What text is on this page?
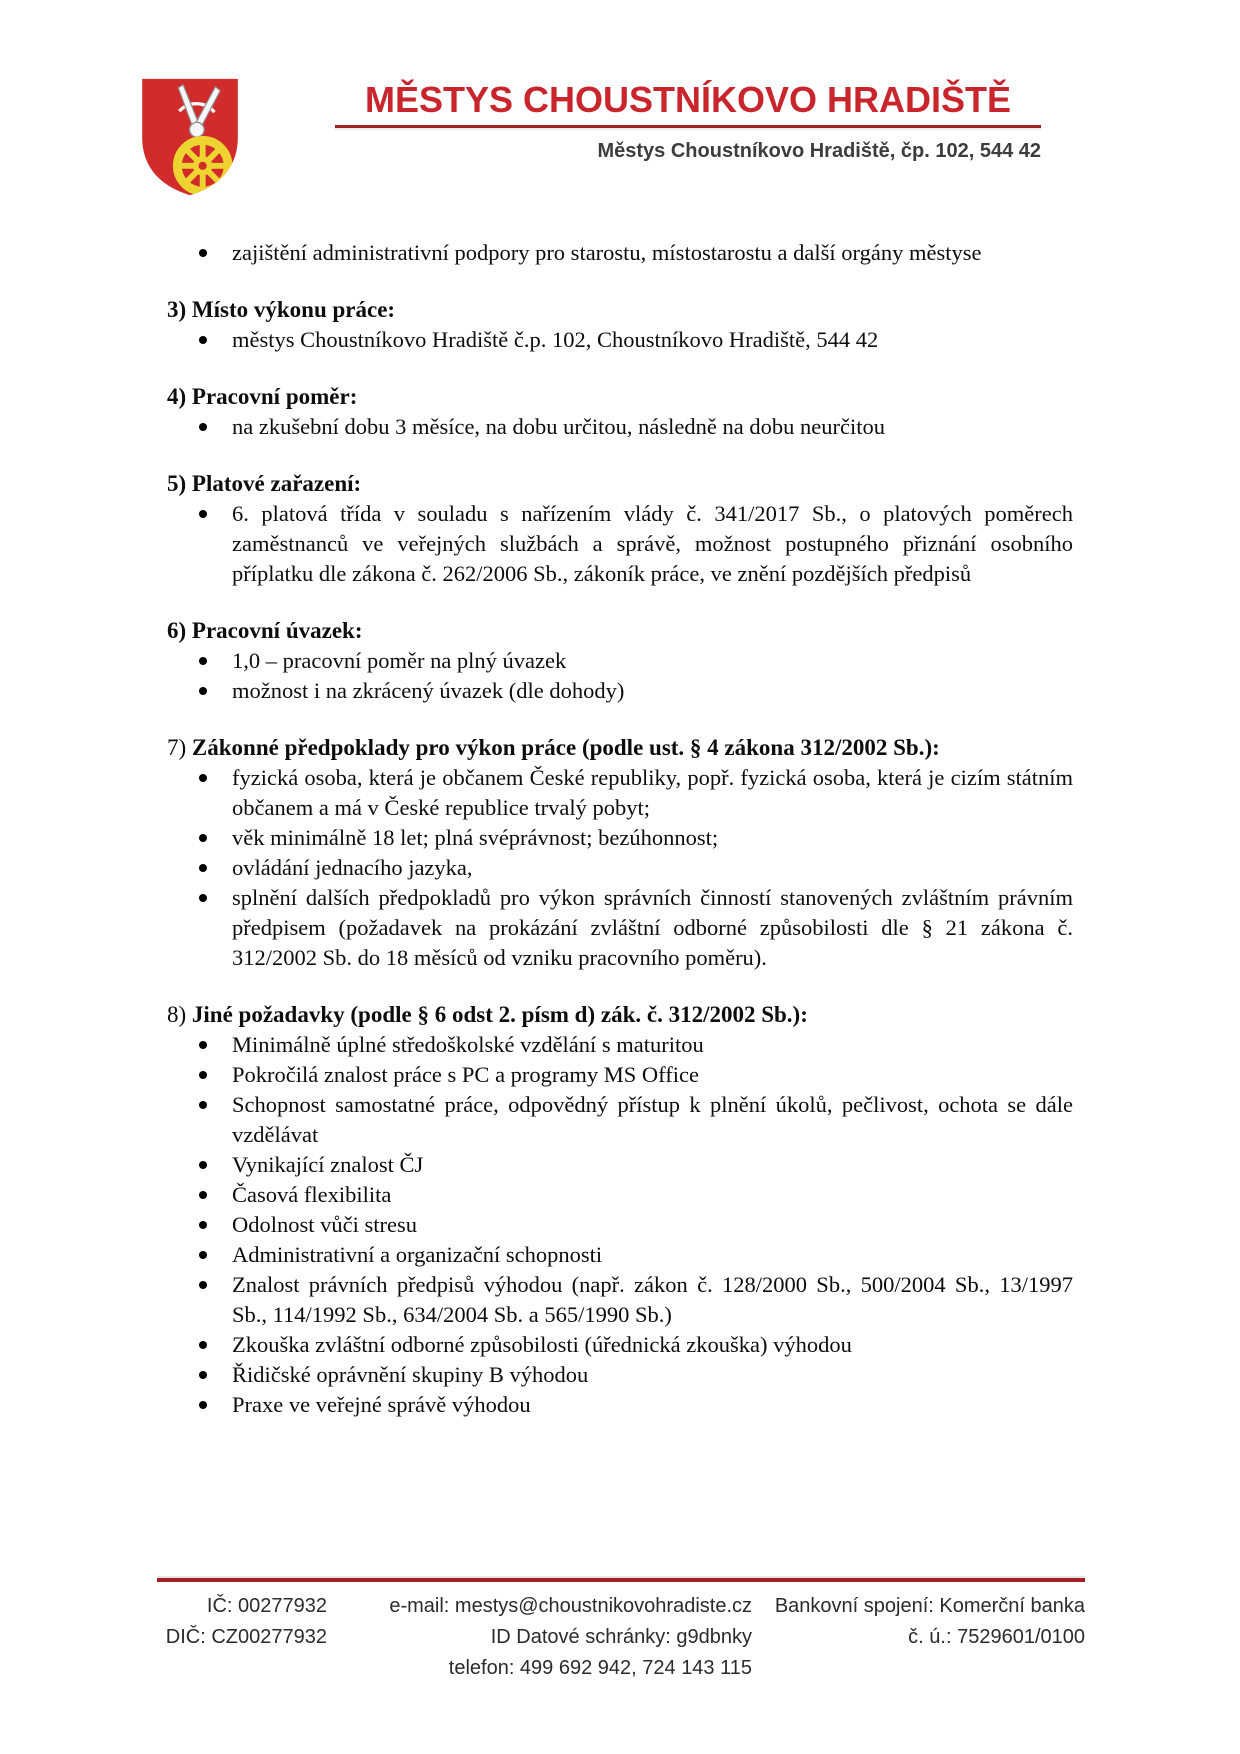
MĚSTYS CHOUSTNÍKOVO HRADIŠTĚ
Městys Choustníkovo Hradiště, čp. 102, 544 42
zajištění administrativní podpory pro starostu, místostarostu a další orgány městyse
3) Místo výkonu práce:
městys Choustníkovo Hradiště č.p. 102, Choustníkovo Hradiště, 544 42
4) Pracovní poměr:
na zkušební dobu 3 měsíce, na dobu určitou, následně na dobu neurčitou
5) Platové zařazení:
6. platová třída v souladu s nařízením vlády č. 341/2017 Sb., o platových poměrech zaměstnanců ve veřejných službách a správě, možnost postupného přiznání osobního příplatku dle zákona č. 262/2006 Sb., zákoník práce, ve znění pozdějších předpisů
6) Pracovní úvazek:
1,0 – pracovní poměr na plný úvazek
možnost i na zkrácený úvazek (dle dohody)
7) Zákonné předpoklady pro výkon práce (podle ust. § 4 zákona 312/2002 Sb.):
fyzická osoba, která je občanem České republiky, popř. fyzická osoba, která je cizím státním občanem a má v České republice trvalý pobyt;
věk minimálně 18 let; plná svéprávnost; bezúhonnost;
ovládání jednacího jazyka,
splnění dalších předpokladů pro výkon správních činností stanovených zvláštním právním předpisem (požadavek na prokázání zvláštní odborné způsobilosti dle § 21 zákona č. 312/2002 Sb. do 18 měsíců od vzniku pracovního poměru).
8) Jiné požadavky (podle § 6 odst 2. písm d) zák. č. 312/2002 Sb.):
Minimálně úplné středoškolské vzdělání s maturitou
Pokročilá znalost práce s PC a programy MS Office
Schopnost samostatné práce, odpovědný přístup k plnění úkolů, pečlivost, ochota se dále vzdělávat
Vynikající znalost ČJ
Časová flexibilita
Odolnost vůči stresu
Administrativní a organizační schopnosti
Znalost právních předpisů výhodou (např. zákon č. 128/2000 Sb., 500/2004 Sb., 13/1997 Sb., 114/1992 Sb., 634/2004 Sb. a 565/1990 Sb.)
Zkouška zvláštní odborné způsobilosti (úřednická zkouška) výhodou
Řidičské oprávnění skupiny B výhodou
Praxe ve veřejné správě výhodou
IČ: 00277932
DIČ: CZ00277932
e-mail: mestys@choustnikovohradiste.cz
ID Datové schránky: g9dbnky
telefon: 499 692 942, 724 143 115
Bankovní spojení: Komerční banka
č. ú.: 7529601/0100
